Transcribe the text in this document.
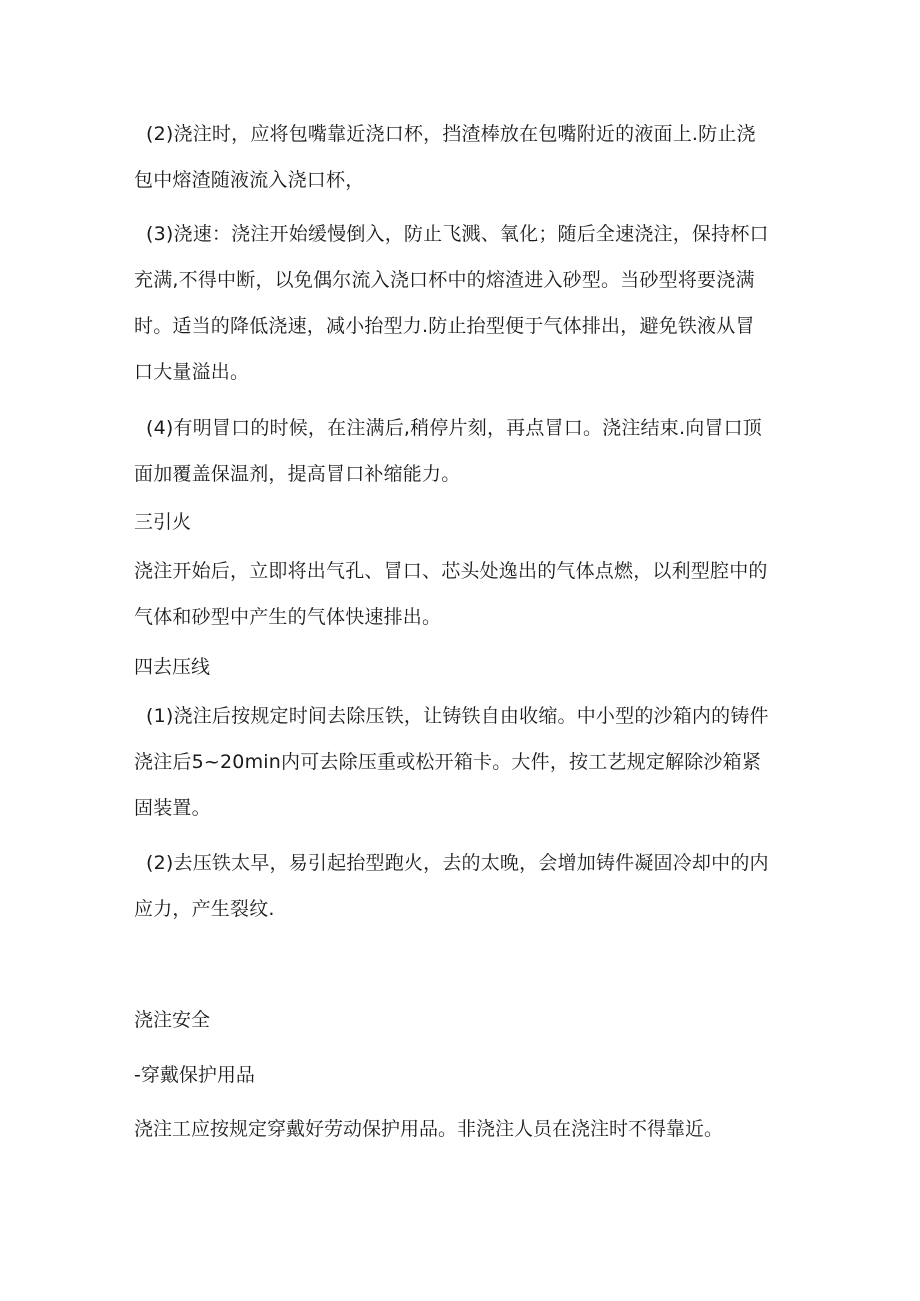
(2)浇注时，应将包嘴靠近浇口杯，挡渣棒放在包嘴附近的液面上.防止浇
包中熔渣随液流入浇口杯，
(3)浇速：浇注开始缓慢倒入，防止飞溅、氧化；随后全速浇注，保持杯口
充满,不得中断，以免偶尔流入浇口杯中的熔渣进入砂型。当砂型将要浇满
时。适当的降低浇速，减小抬型力.防止抬型便于气体排出，避免铁液从冒
口大量溢出。
(4)有明冒口的时候，在注满后,稍停片刻，再点冒口。浇注结束.向冒口顶
面加覆盖保温剂，提高冒口补缩能力。
三引火
浇注开始后，立即将出气孔、冒口、芯头处逸出的气体点燃，以利型腔中的
气体和砂型中产生的气体快速排出。
四去压线
(1)浇注后按规定时间去除压铁，让铸铁自由收缩。中小型的沙箱内的铸件
浇注后5~20min内可去除压重或松开箱卡。大件，按工艺规定解除沙箱紧
固装置。
(2)去压铁太早，易引起抬型跑火，去的太晚，会增加铸件凝固冷却中的内
应力，产生裂纹.
浇注安全
-穿戴保护用品
浇注工应按规定穿戴好劳动保护用品。非浇注人员在浇注时不得靠近。
